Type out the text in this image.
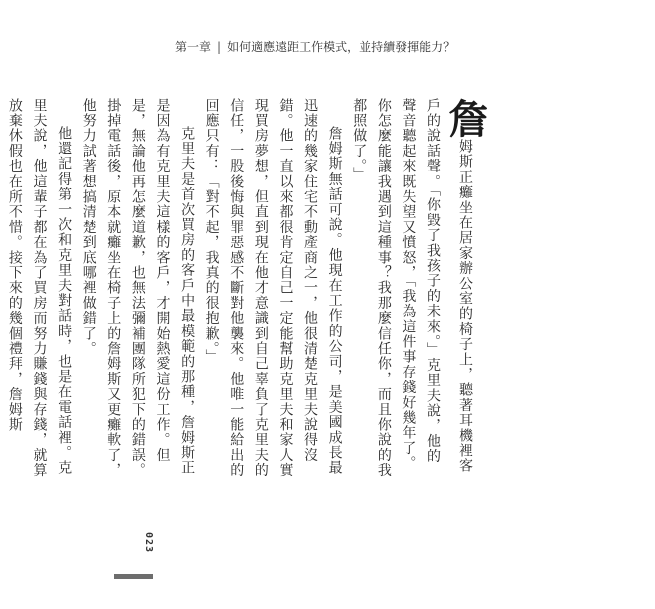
第一章 | 如何適應遠距工作模式，並持續發揮能力？

詹姆斯正癱坐在居家辦公室的椅子上，聽著耳機裡客戶的說話聲。「你毀了我孩子的未來。」克里夫說，他的聲音聽起來既失望又憤怒，「我為這件事存錢好幾年了。你怎麼能讓我遇到這種事？我那麼信任你，而且你說的我都照做了。」

詹姆斯無話可說。他現在工作的公司，是美國成長最迅速的幾家住宅不動產商之一，他很清楚克里夫說得沒錯。他一直以來都很肯定自己一定能幫助克里夫和家人實現買房夢想，但直到現在他才意識到自己辜負了克里夫的信任，一股後悔與罪惡感不斷對他襲來。他唯一能給出的回應只有：「對不起，我真的很抱歉。」

克里夫是首次買房的客戶中最模範的那種，詹姆斯正是因為有克里夫這樣的客戶，才開始熱愛這份工作。但是，無論他再怎麼道歉，也無法彌補團隊所犯下的錯誤。掛掉電話後，原本就癱坐在椅子上的詹姆斯又更癱軟了，他努力試著想搞清楚到底哪裡做錯了。

他還記得第一次和克里夫對話時，也是在電話裡。克里夫說，他這輩子都在為了買房而努力賺錢與存錢，就算放棄休假也在所不惜。接下來的幾個禮拜，詹姆斯

023
